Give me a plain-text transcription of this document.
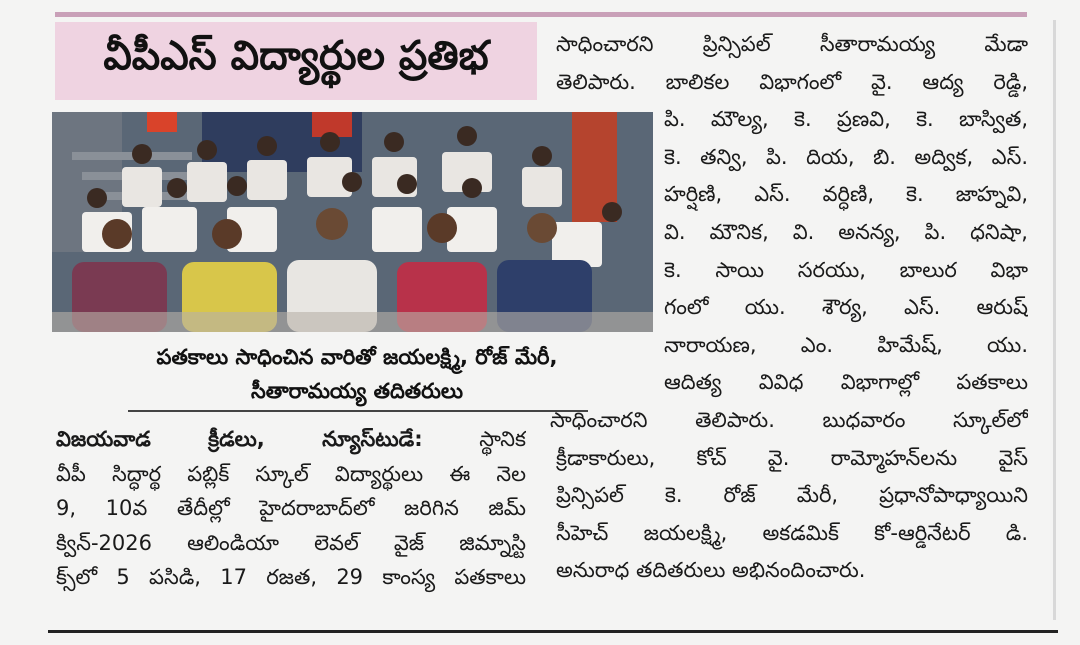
వీపీఎస్ విద్యార్థుల ప్రతిభ
పతకాలు సాధించిన వారితో జయలక్ష్మి, రోజ్ మేరీ,
సీతారామయ్య తదితరులు
విజయవాడ క్రీడలు, న్యూస్‌టుడే: స్థానిక
వీపీ సిద్ధార్థ పబ్లిక్ స్కూల్ విద్యార్థులు ఈ నెల
9, 10వ తేదీల్లో హైదరాబాద్‌లో జరిగిన జిమ్
క్విన్-2026 ఆలిండియా లెవల్ వైజ్ జిమ్నాస్టి
క్స్‌లో 5 పసిడి, 17 రజత, 29 కాంస్య పతకాలు
సాధించారని ప్రిన్సిపల్ సీతారామయ్య మేడా
తెలిపారు. బాలికల విభాగంలో వై. ఆద్య రెడ్డి,
పి. మౌల్య, కె. ప్రణవి, కె. బాస్విత,
కె. తన్వి, పి. దియ, బి. అద్విక, ఎస్.
హర్షిణి, ఎస్. వర్ధిణి, కె. జాహ్నవి,
వి. మౌనిక, వి. అనన్య, పి. ధనిషా,
కె. సాయి సరయు, బాలుర విభా
గంలో యు. శౌర్య, ఎస్. ఆరుష్
నారాయణ, ఎం. హిమేష్, యు.
ఆదిత్య వివిధ విభాగాల్లో పతకాలు
సాధించారని తెలిపారు. బుధవారం స్కూల్‌లో
క్రీడాకారులు, కోచ్ వై. రామ్మోహన్‌లను వైస్
ప్రిన్సిపల్ కె. రోజ్ మేరీ, ప్రధానోపాధ్యాయిని
సీహెచ్ జయలక్ష్మి, అకడమిక్ కో-ఆర్డినేటర్ డి.
అనురాధ తదితరులు అభినందించారు.
